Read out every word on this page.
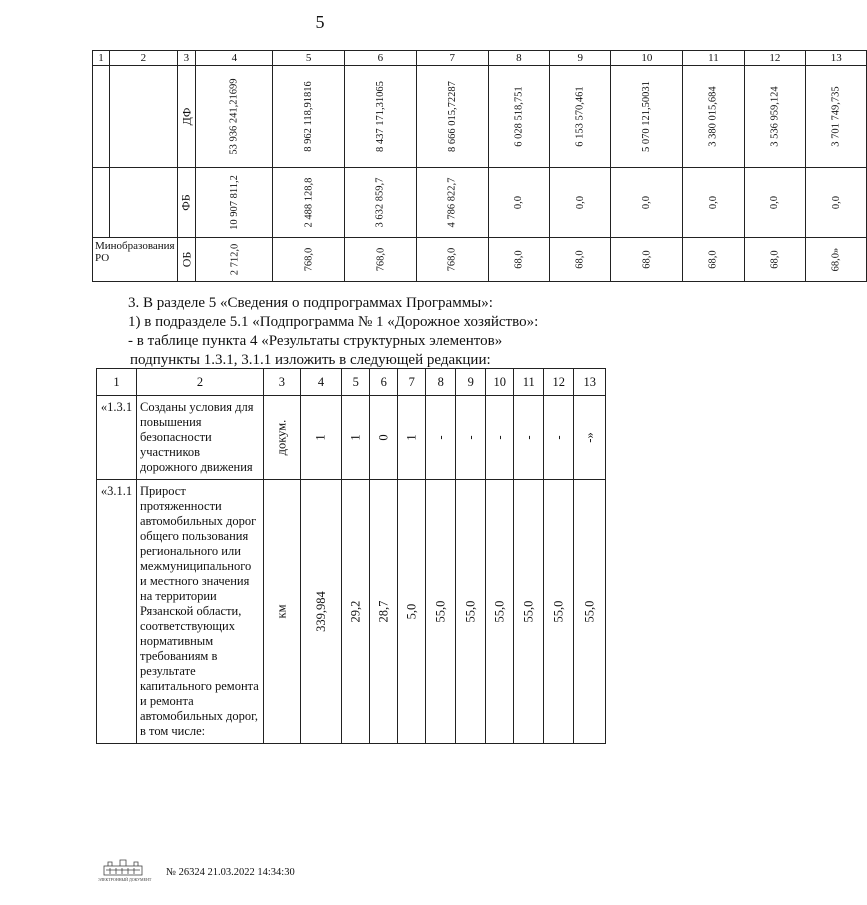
5
1	2	3	4	5	6	7	8	9	10	11	12	13
		ДФ	53 936 241,21699	8 962 118,91816	8 437 171,31065	8 666 015,72287	6 028 518,751	6 153 570,461	5 070 121,50031	3 380 015,684	3 536 959,124	3 701 749,735
		ФБ	10 907 811,2	2 488 128,8	3 632 859,7	4 786 822,7	0,0	0,0	0,0	0,0	0,0	0,0
Минобразования РО		ОБ	2 712,0	768,0	768,0	768,0	68,0	68,0	68,0	68,0	68,0	68,0»
3. В разделе 5 «Сведения о подпрограммах Программы»:
1) в подразделе 5.1 «Подпрограмма № 1 «Дорожное хозяйство»:
- в таблице пункта 4 «Результаты структурных элементов»
подпункты 1.3.1, 3.1.1 изложить в следующей редакции:
1	2	3	4	5	6	7	8	9	10	11	12	13
«1.3.1	Созданы условия для повышения безопасности участников дорожного движения	докум.	1	1	0	1	-	-	-	-	-	-»
«3.1.1	Прирост протяженности автомобильных дорог общего пользования регионального или межмуниципального и местного значения на территории Рязанской области, соответствующих нормативным требованиям в результате капитального ремонта и ремонта автомобильных дорог, в том числе:	км	339,984	29,2	28,7	5,0	55,0	55,0	55,0	55,0	55,0	55,0
ЭЛЕКТРОННЫЙ ДОКУМЕНТ
№ 26324 21.03.2022 14:34:30
